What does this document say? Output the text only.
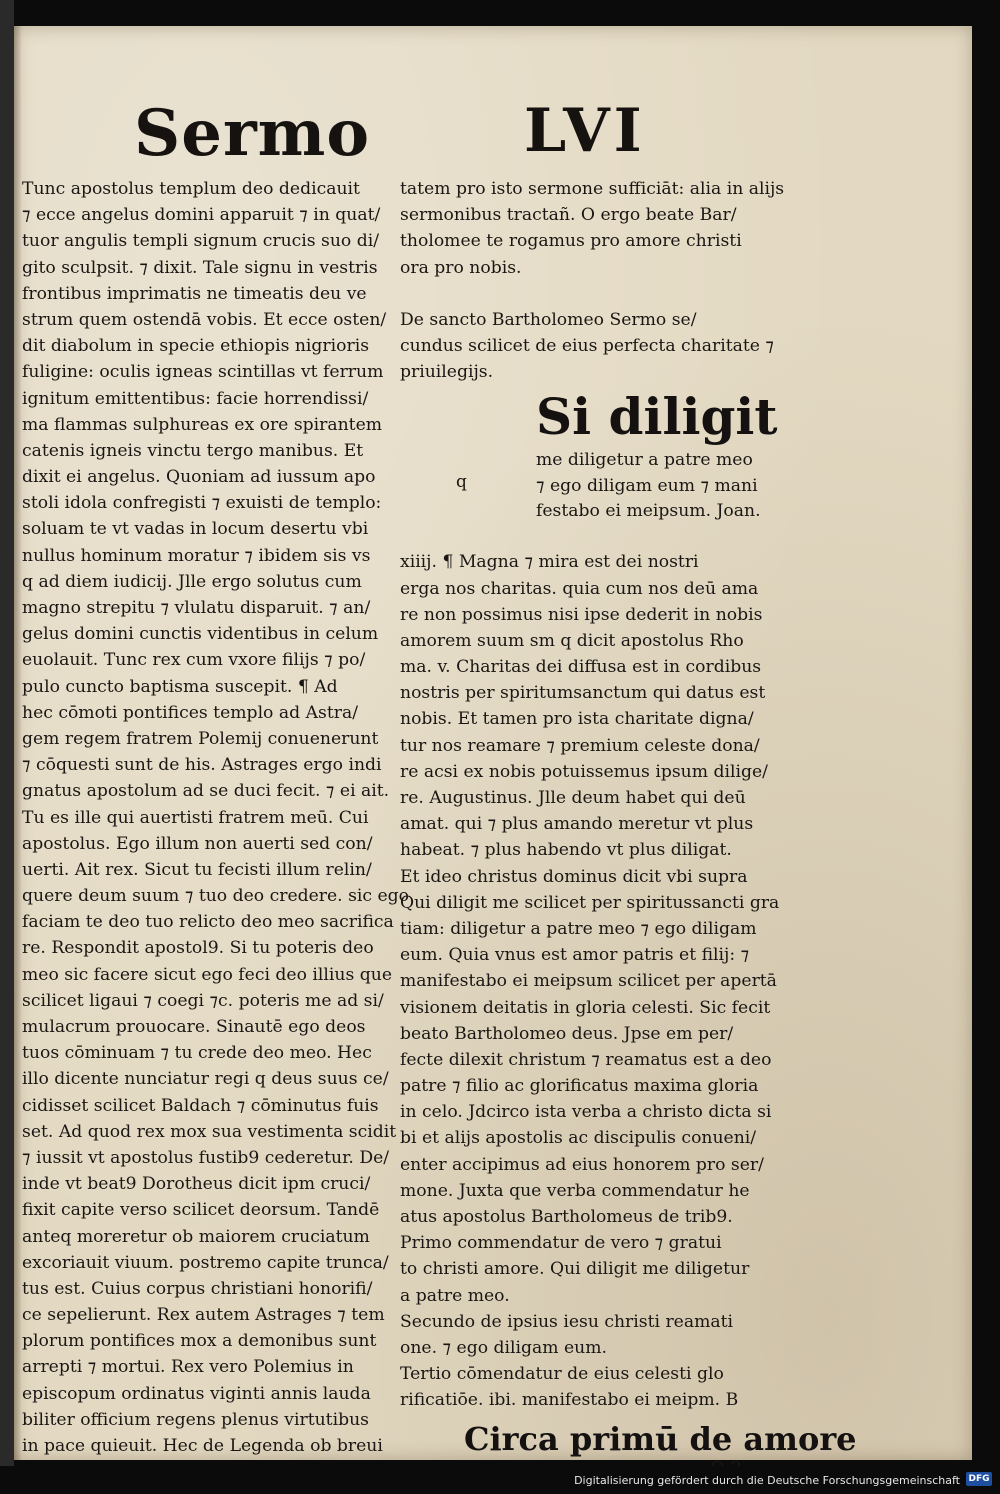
Sermo	LVI
Tunc apostolus templum deo dedicauit
⁊ ecce angelus domini apparuit ⁊ in quat/
tuor angulis templi signum crucis suo di/
gito sculpsit. ⁊ dixit. Tale signu in vestris
frontibus imprimatis ne timeatis deu ve
strum quem ostendā vobis. Et ecce osten/
dit diabolum in specie ethiopis nigrioris
fuligine: oculis igneas scintillas vt ferrum
ignitum emittentibus: facie horrendissi/
ma flammas sulphureas ex ore spirantem
catenis igneis vinctu tergo manibus. Et
dixit ei angelus. Quoniam ad iussum apo
stoli idola confregisti ⁊ exuisti de templo:
soluam te vt vadas in locum desertu vbi
nullus hominum moratur ⁊ ibidem sis vs
q ad diem iudicij. Jlle ergo solutus cum
magno strepitu ⁊ vlulatu disparuit. ⁊ an/
gelus domini cunctis videntibus in celum
euolauit. Tunc rex cum vxore filijs ⁊ po/
pulo cuncto baptisma suscepit. ¶ Ad
hec cōmoti pontifices templo ad Astra/
gem regem fratrem Polemij conuenerunt
⁊ cōquesti sunt de his. Astrages ergo indi
gnatus apostolum ad se duci fecit. ⁊ ei ait.
Tu es ille qui auertisti fratrem meū. Cui
apostolus. Ego illum non auerti sed con/
uerti. Ait rex. Sicut tu fecisti illum relin/
quere deum suum ⁊ tuo deo credere. sic ego
faciam te deo tuo relicto deo meo sacrifica
re. Respondit apostol9. Si tu poteris deo
meo sic facere sicut ego feci deo illius que
scilicet ligaui ⁊ coegi ⁊c. poteris me ad si/
mulacrum prouocare. Sinautē ego deos
tuos cōminuam ⁊ tu crede deo meo. Hec
illo dicente nunciatur regi q deus suus ce/
cidisset scilicet Baldach ⁊ cōminutus fuis
set. Ad quod rex mox sua vestimenta scidit
⁊ iussit vt apostolus fustib9 cederetur. De/
inde vt beat9 Dorotheus dicit ipm cruci/
fixit capite verso scilicet deorsum. Tandē
anteq moreretur ob maiorem cruciatum
excoriauit viuum. postremo capite trunca/
tus est. Cuius corpus christiani honorifi/
ce sepelierunt. Rex autem Astrages ⁊ tem
plorum pontifices mox a demonibus sunt
arrepti ⁊ mortui. Rex vero Polemius in
episcopum ordinatus viginti annis lauda
biliter officium regens plenus virtutibus
in pace quieuit. Hec de Legenda ob breui
tatem pro isto sermone sufficiāt: alia in alijs
sermonibus tractañ. O ergo beate Bar/
tholomee te rogamus pro amore christi
ora pro nobis.
De sancto Bartholomeo Sermo se/
cundus scilicet de eius perfecta charitate ⁊
priuilegijs.
Si diligit
q
me diligetur a patre meo
⁊ ego diligam eum ⁊ mani
festabo ei meipsum. Joan.
xiiij. ¶ Magna ⁊ mira est dei nostri
erga nos charitas. quia cum nos deū ama
re non possimus nisi ipse dederit in nobis
amorem suum sm q dicit apostolus Rho
ma. v. Charitas dei diffusa est in cordibus
nostris per spiritumsanctum qui datus est
nobis. Et tamen pro ista charitate digna/
tur nos reamare ⁊ premium celeste dona/
re acsi ex nobis potuissemus ipsum dilige/
re. Augustinus. Jlle deum habet qui deū
amat. qui ⁊ plus amando meretur vt plus
habeat. ⁊ plus habendo vt plus diligat.
Et ideo christus dominus dicit vbi supra
Qui diligit me scilicet per spiritussancti gra
tiam: diligetur a patre meo ⁊ ego diligam
eum. Quia vnus est amor patris et filij: ⁊
manifestabo ei meipsum scilicet per apertā
visionem deitatis in gloria celesti. Sic fecit
beato Bartholomeo deus. Jpse em per/
fecte dilexit christum ⁊ reamatus est a deo
patre ⁊ filio ac glorificatus maxima gloria
in celo. Jdcirco ista verba a christo dicta si
bi et alijs apostolis ac discipulis conueni/
enter accipimus ad eius honorem pro ser/
mone. Juxta que verba commendatur he
atus apostolus Bartholomeus de trib9.
Primo commendatur de vero ⁊ gratui
to christi amore. Qui diligit me diligetur
a patre meo.
Secundo de ipsius iesu christi reamati
one. ⁊ ego diligam eum.
Tertio cōmendatur de eius celesti glo
rificatiōe. ibi. manifestabo ei meipm. B
Circa primū de amore
Digitalisierung gefördert durch die Deutsche Forschungsgemeinschaft DFG
